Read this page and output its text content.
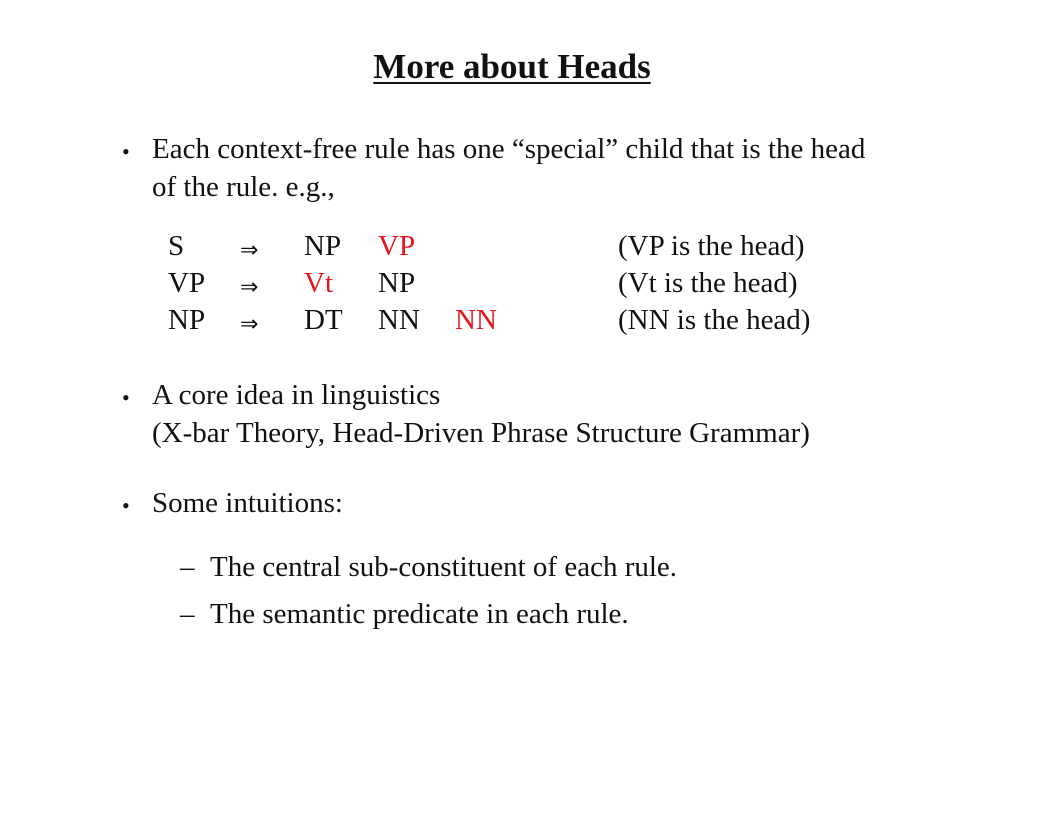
More about Heads
• Each context-free rule has one “special” child that is the head
of the rule. e.g.,
S	⇒ NP VP	(VP is the head)
VP ⇒ Vt NP	(Vt is the head)
NP ⇒ DT NN NN	(NN is the head)
• A core idea in linguistics
(X-bar Theory, Head-Driven Phrase Structure Grammar)
• Some intuitions:
– The central sub-constituent of each rule.
– The semantic predicate in each rule.
